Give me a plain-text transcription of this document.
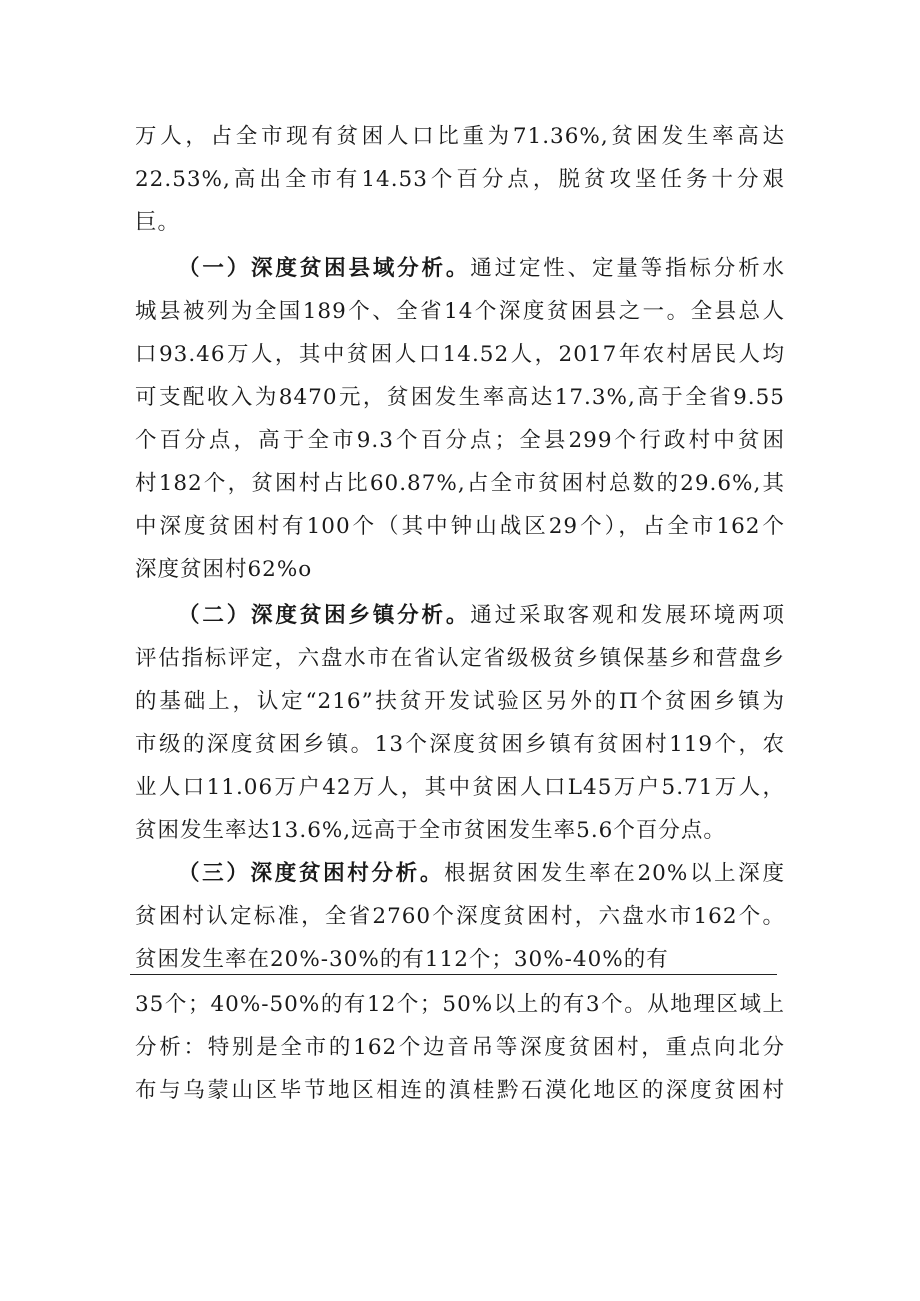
万人，占全市现有贫困人口比重为71.36%,贫困发生率高达
22.53%,高出全市有14.53个百分点，脱贫攻坚任务十分艰
巨。
（一）深度贫困县域分析。通过定性、定量等指标分析水
城县被列为全国189个、全省14个深度贫困县之一。全县总人
口93.46万人，其中贫困人口14.52人，2017年农村居民人均
可支配收入为8470元，贫困发生率高达17.3%,高于全省9.55
个百分点，高于全市9.3个百分点；全县299个行政村中贫困
村182个，贫困村占比60.87%,占全市贫困村总数的29.6%,其
中深度贫困村有100个（其中钟山战区29个），占全市162个
深度贫困村62%o
（二）深度贫困乡镇分析。通过采取客观和发展环境两项
评估指标评定，六盘水市在省认定省级极贫乡镇保基乡和营盘乡
的基础上，认定“216”扶贫开发试验区另外的Π个贫困乡镇为
市级的深度贫困乡镇。13个深度贫困乡镇有贫困村119个，农
业人口11.06万户42万人，其中贫困人口L45万户5.71万人，
贫困发生率达13.6%,远高于全市贫困发生率5.6个百分点。
（三）深度贫困村分析。根据贫困发生率在20%以上深度
贫困村认定标准，全省2760个深度贫困村，六盘水市162个。
贫困发生率在20%-30%的有112个；30%-40%的有
35个；40%-50%的有12个；50%以上的有3个。从地理区域上
分析：特别是全市的162个边音吊等深度贫困村，重点向北分
布与乌蒙山区毕节地区相连的滇桂黔石漠化地区的深度贫困村
